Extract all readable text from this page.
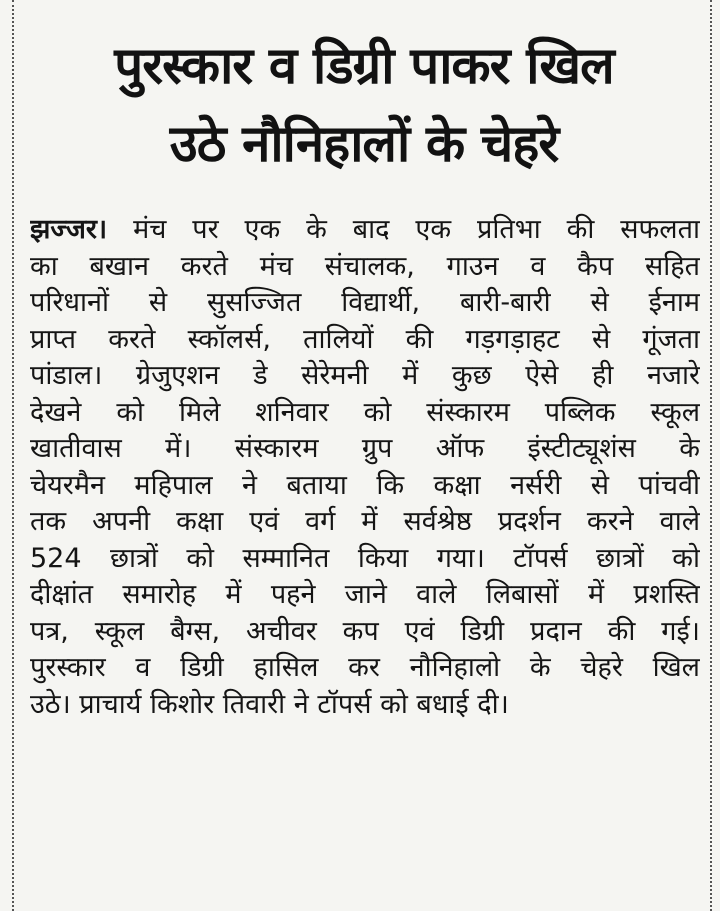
पुरस्कार व डिग्री पाकर खिल
उठे नौनिहालों के चेहरे
झज्जर। मंच पर एक के बाद एक प्रतिभा की सफलता
का बखान करते मंच संचालक, गाउन व कैप सहित
परिधानों से सुसज्जित विद्यार्थी, बारी-बारी से ईनाम
प्राप्त करते स्कॉलर्स, तालियों की गड़गड़ाहट से गूंजता
पांडाल। ग्रेजुएशन डे सेरेमनी में कुछ ऐसे ही नजारे
देखने को मिले शनिवार को संस्कारम पब्लिक स्कूल
खातीवास में। संस्कारम ग्रुप ऑफ इंस्टीट्यूशंस के
चेयरमैन महिपाल ने बताया कि कक्षा नर्सरी से पांचवी
तक अपनी कक्षा एवं वर्ग में सर्वश्रेष्ठ प्रदर्शन करने वाले
524 छात्रों को सम्मानित किया गया। टॉपर्स छात्रों को
दीक्षांत समारोह में पहने जाने वाले लिबासों में प्रशस्ति
पत्र, स्कूल बैग्स, अचीवर कप एवं डिग्री प्रदान की गई।
पुरस्कार व डिग्री हासिल कर नौनिहालो के चेहरे खिल
उठे। प्राचार्य किशोर तिवारी ने टॉपर्स को बधाई दी।
